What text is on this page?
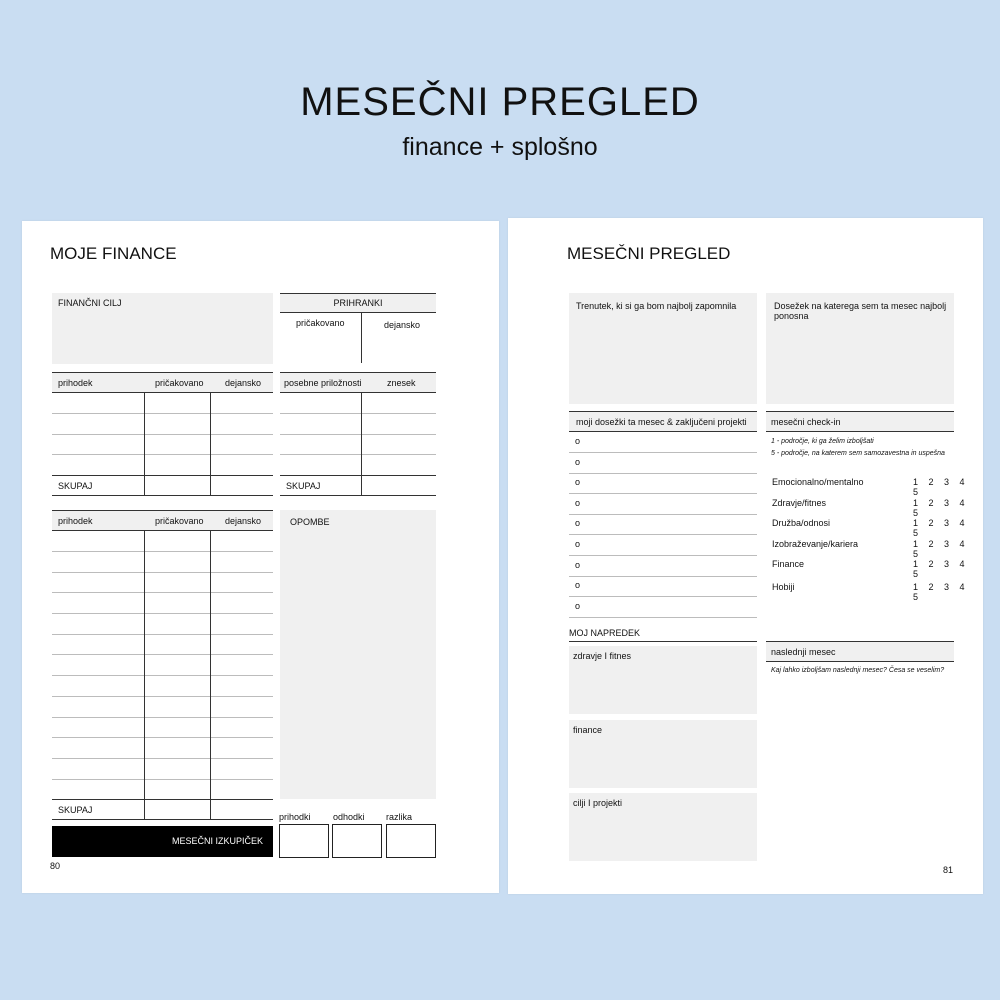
MESEČNI PREGLED
finance + splošno
MOJE FINANCE
FINANČNI CILJ	PRIHRANKI
pričakovano	dejansko
prihodek	pričakovano dejansko
SKUPAJ
posebne priložnosti	znesek
SKUPAJ
prihodek	pričakovano dejansko
SKUPAJ
OPOMBE
MESEČNI IZKUPIČEK
prihodki odhodki razlika
80
MESEČNI PREGLED
Trenutek, ki si ga bom najbolj zapomnila	Dosežek na katerega sem ta mesec najbolj ponosna
moji dosežki ta mesec & zaključeni projekti
o
o
o
o
o
o
o
o
o
mesečni check-in
1 - področje, ki ga želim izboljšati
5 - področje, na katerem sem samozavestna in uspešna
Emocionalno/mentalno	1 2 3 4 5
Zdravje/fitnes	1 2 3 4 5
Družba/odnosi	1 2 3 4 5
Izobraževanje/kariera	1 2 3 4 5
Finance	1 2 3 4 5
Hobiji	1 2 3 4 5
MOJ NAPREDEK
zdravje I fitnes
finance
cilji I projekti
naslednji mesec
Kaj lahko izboljšam naslednji mesec? Česa se veselim?
81
